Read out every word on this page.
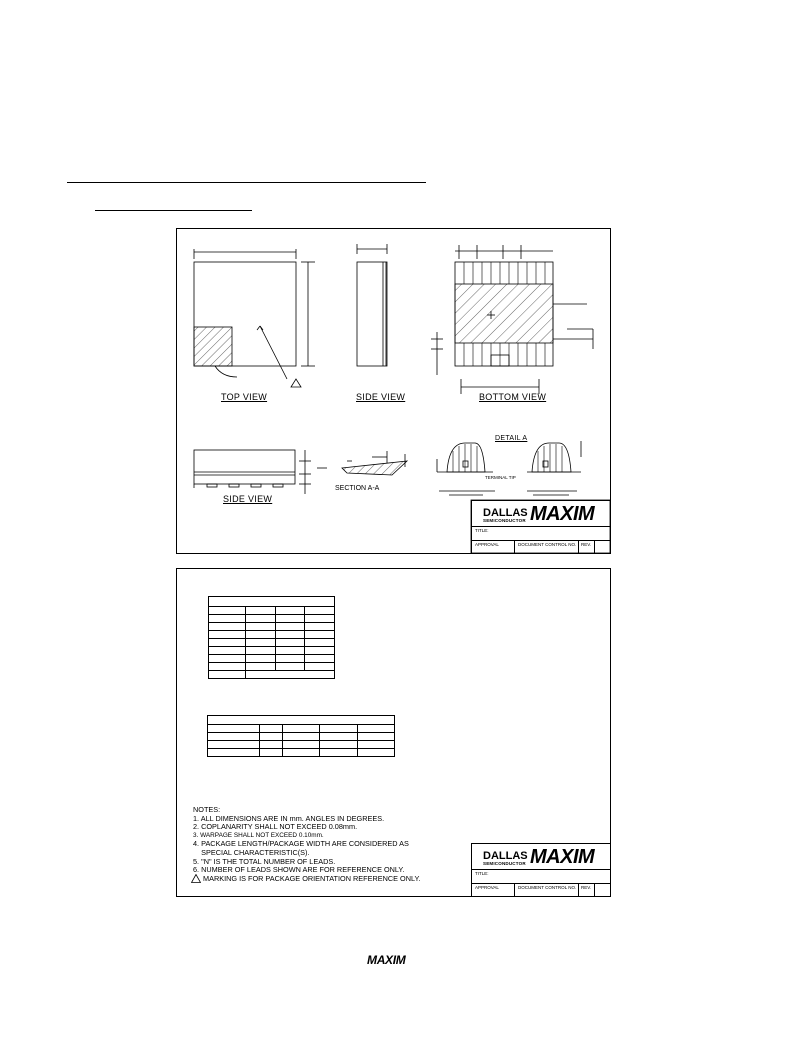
TOP VIEW	SIDE VIEW	BOTTOM VIEW
SIDE VIEW
DETAIL A
SECTION A-A
TERMINAL TIP
DALLAS
SEMICONDUCTOR MAXIM
TITLE:
APPROVAL	DOCUMENT CONTROL NO. REV.

NOTES:
1. ALL DIMENSIONS ARE IN mm. ANGLES IN DEGREES.
2. COPLANARITY SHALL NOT EXCEED 0.08mm.
3. WARPAGE SHALL NOT EXCEED 0.10mm.
4. PACKAGE LENGTH/PACKAGE WIDTH ARE CONSIDERED AS
SPECIAL CHARACTERISTIC(S).
5. "N" IS THE TOTAL NUMBER OF LEADS.
6. NUMBER OF LEADS SHOWN ARE FOR REFERENCE ONLY.
MARKING IS FOR PACKAGE ORIENTATION REFERENCE ONLY.
DALLAS
SEMICONDUCTOR MAXIM
TITLE:
APPROVAL	DOCUMENT CONTROL NO. REV.
MAXIM
